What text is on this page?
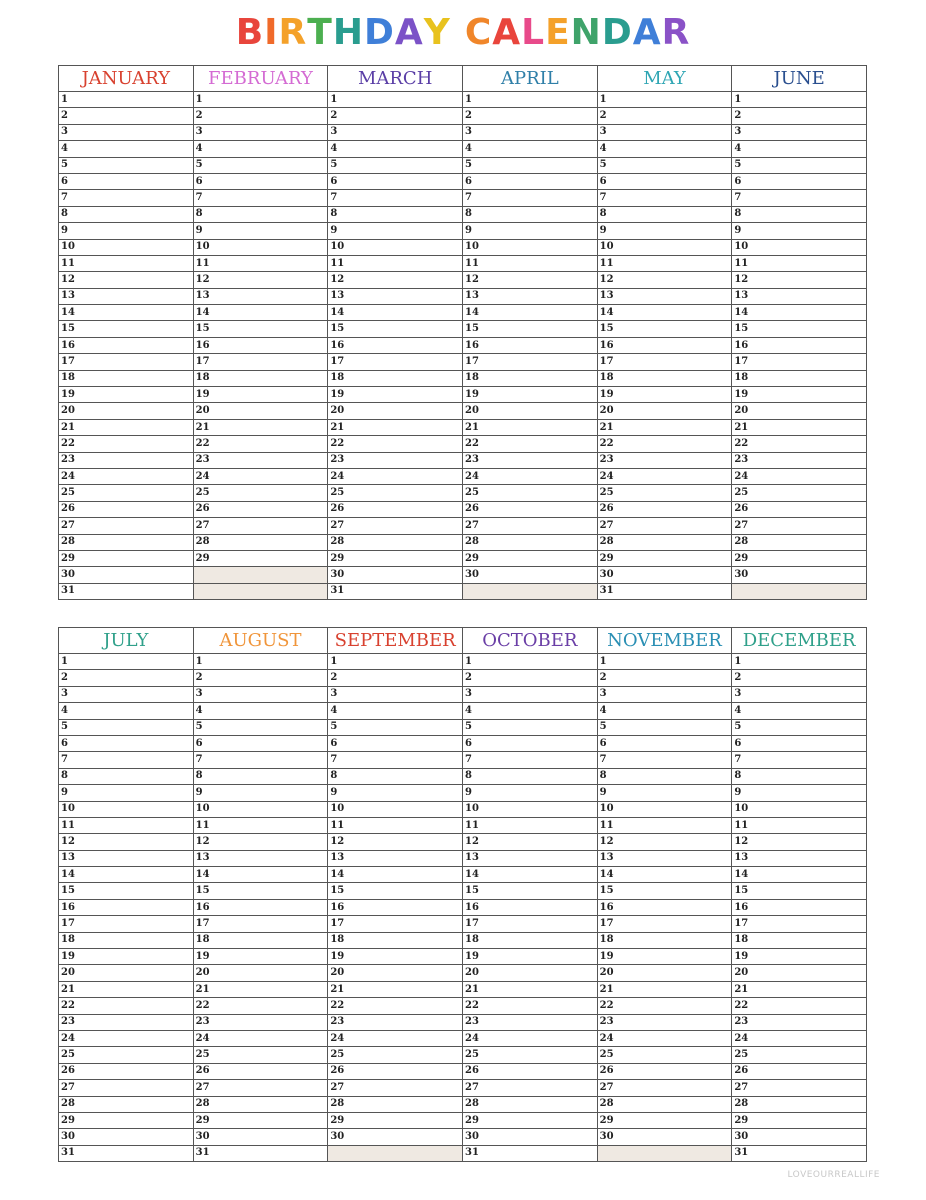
BIRTHDAY CALENDAR
JANUARY
1
2
3
4
5
6
7
8
9
10
11
12
13
14
15
16
17
18
19
20
21
22
23
24
25
26
27
28
29
30
31
FEBRUARY
1
2
3
4
5
6
7
8
9
10
11
12
13
14
15
16
17
18
19
20
21
22
23
24
25
26
27
28
29
MARCH
1
2
3
4
5
6
7
8
9
10
11
12
13
14
15
16
17
18
19
20
21
22
23
24
25
26
27
28
29
30
31
APRIL
1
2
3
4
5
6
7
8
9
10
11
12
13
14
15
16
17
18
19
20
21
22
23
24
25
26
27
28
29
30
MAY
1
2
3
4
5
6
7
8
9
10
11
12
13
14
15
16
17
18
19
20
21
22
23
24
25
26
27
28
29
30
31
JUNE
1
2
3
4
5
6
7
8
9
10
11
12
13
14
15
16
17
18
19
20
21
22
23
24
25
26
27
28
29
30
JULY
1
2
3
4
5
6
7
8
9
10
11
12
13
14
15
16
17
18
19
20
21
22
23
24
25
26
27
28
29
30
31
AUGUST
1
2
3
4
5
6
7
8
9
10
11
12
13
14
15
16
17
18
19
20
21
22
23
24
25
26
27
28
29
30
31
SEPTEMBER
1
2
3
4
5
6
7
8
9
10
11
12
13
14
15
16
17
18
19
20
21
22
23
24
25
26
27
28
29
30
OCTOBER
1
2
3
4
5
6
7
8
9
10
11
12
13
14
15
16
17
18
19
20
21
22
23
24
25
26
27
28
29
30
31
NOVEMBER
1
2
3
4
5
6
7
8
9
10
11
12
13
14
15
16
17
18
19
20
21
22
23
24
25
26
27
28
29
30
DECEMBER
1
2
3
4
5
6
7
8
9
10
11
12
13
14
15
16
17
18
19
20
21
22
23
24
25
26
27
28
29
30
31
LOVEOURREALLIFE
